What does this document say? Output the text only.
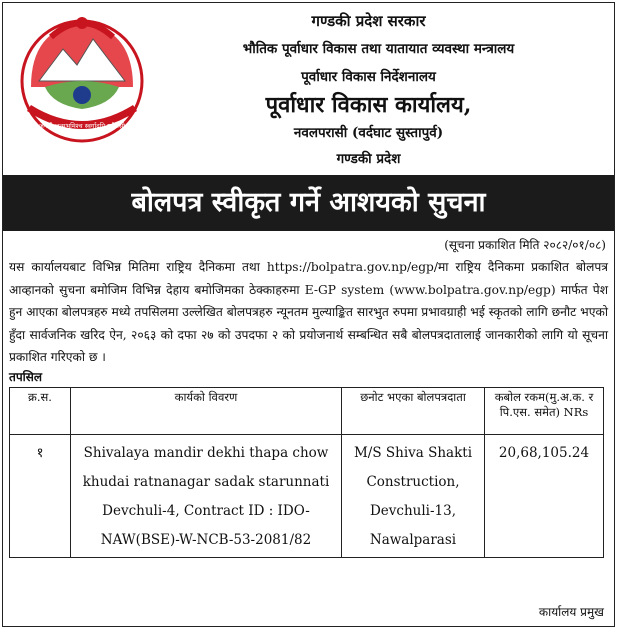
जननी जन्मभूमिश्च स्वर्गादपि गरीयसी
गण्डकी प्रदेश सरकार
भौतिक पूर्वाधार विकास तथा यातायात व्यवस्था मन्त्रालय
पूर्वाधार विकास निर्देशनालय
पूर्वाधार विकास कार्यालय,
नवलपरासी (वर्दघाट सुस्तापुर्व)
गण्डकी प्रदेश
बोलपत्र स्वीकृत गर्ने आशयको सुचना
(सूचना प्रकाशित मिति २०८२/०१/०८)
यस कार्यालयबाट विभिन्न मितिमा राष्ट्रिय दैनिकमा तथा https://bolpatra.gov.np/egp/मा राष्ट्रिय दैनिकमा प्रकाशित बोलपत्र आव्हानको सुचना बमोजिम विभिन्न देहाय बमोजिमका ठेक्काहरुमा E-GP system (www.bolpatra.gov.np/egp) मार्फत पेश हुन आएका बोलपत्रहरु मध्ये तपसिलमा उल्लेखित बोलपत्रहरु न्यूनतम मुल्याङ्कित सारभुत रुपमा प्रभावग्राही भई स्कृतको लागि छनौट भएको हुँदा सार्वजनिक खरिद ऐन, २०६३ को दफा २७ को उपदफा २ को प्रयोजनार्थ सम्बन्धित सबै बोलपत्रदातालाई जानकारीको लागि यो सूचना प्रकाशित गरिएको छ ।
तपसिल
क्र.स.	कार्यको विवरण	छनोट भएका बोलपत्रदाता	कबोल रकम(मु.अ.क. र पि.एस. समेत) NRs
१	Shivalaya mandir dekhi thapa chow khudai ratnanagar sadak starunnati Devchuli-4, Contract ID : IDO-NAW(BSE)-W-NCB-53-2081/82	M/S Shiva Shakti Construction, Devchuli-13, Nawalparasi	20,68,105.24
कार्यालय प्रमुख
